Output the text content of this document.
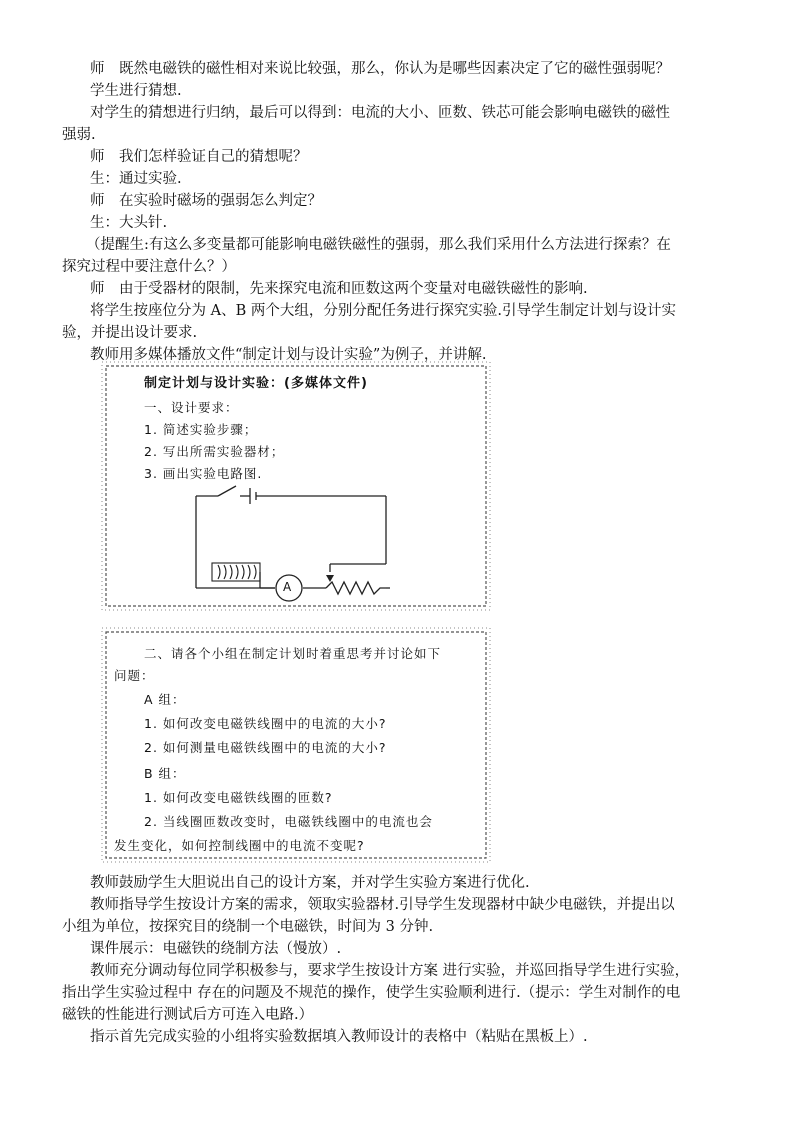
师　既然电磁铁的磁性相对来说比较强，那么，你认为是哪些因素决定了它的磁性强弱呢？
学生进行猜想.
对学生的猜想进行归纳，最后可以得到：电流的大小、匝数、铁芯可能会影响电磁铁的磁性
强弱.
师　我们怎样验证自己的猜想呢？
生：通过实验.
师　在实验时磁场的强弱怎么判定？
生：大头针.
（提醒生:有这么多变量都可能影响电磁铁磁性的强弱，那么我们采用什么方法进行探索？在
探究过程中要注意什么？）
师　由于受器材的限制，先来探究电流和匝数这两个变量对电磁铁磁性的影响.
将学生按座位分为 A、B 两个大组，分别分配任务进行探究实验.引导学生制定计划与设计实
验，并提出设计要求.
教师用多媒体播放文件“制定计划与设计实验”为例子，并讲解.
制定计划与设计实验：(多媒体文件)
一、设计要求：
1. 简述实验步骤；
2. 写出所需实验器材；
3. 画出实验电路图.
A
二、请各个小组在制定计划时着重思考并讨论如下
问题：
A 组：
1. 如何改变电磁铁线圈中的电流的大小?
2. 如何测量电磁铁线圈中的电流的大小?
B 组：
1. 如何改变电磁铁线圈的匝数?
2. 当线圈匝数改变时，电磁铁线圈中的电流也会
发生变化，如何控制线圈中的电流不变呢?
教师鼓励学生大胆说出自己的设计方案，并对学生实验方案进行优化.
教师指导学生按设计方案的需求，领取实验器材.引导学生发现器材中缺少电磁铁，并提出以
小组为单位，按探究目的绕制一个电磁铁，时间为 3 分钟.
课件展示：电磁铁的绕制方法（慢放）.
教师充分调动每位同学积极参与，要求学生按设计方案 进行实验，并巡回指导学生进行实验，
指出学生实验过程中 存在的问题及不规范的操作，使学生实验顺利进行.（提示：学生对制作的电
磁铁的性能进行测试后方可连入电路.）
指示首先完成实验的小组将实验数据填入教师设计的表格中（粘贴在黑板上）.
